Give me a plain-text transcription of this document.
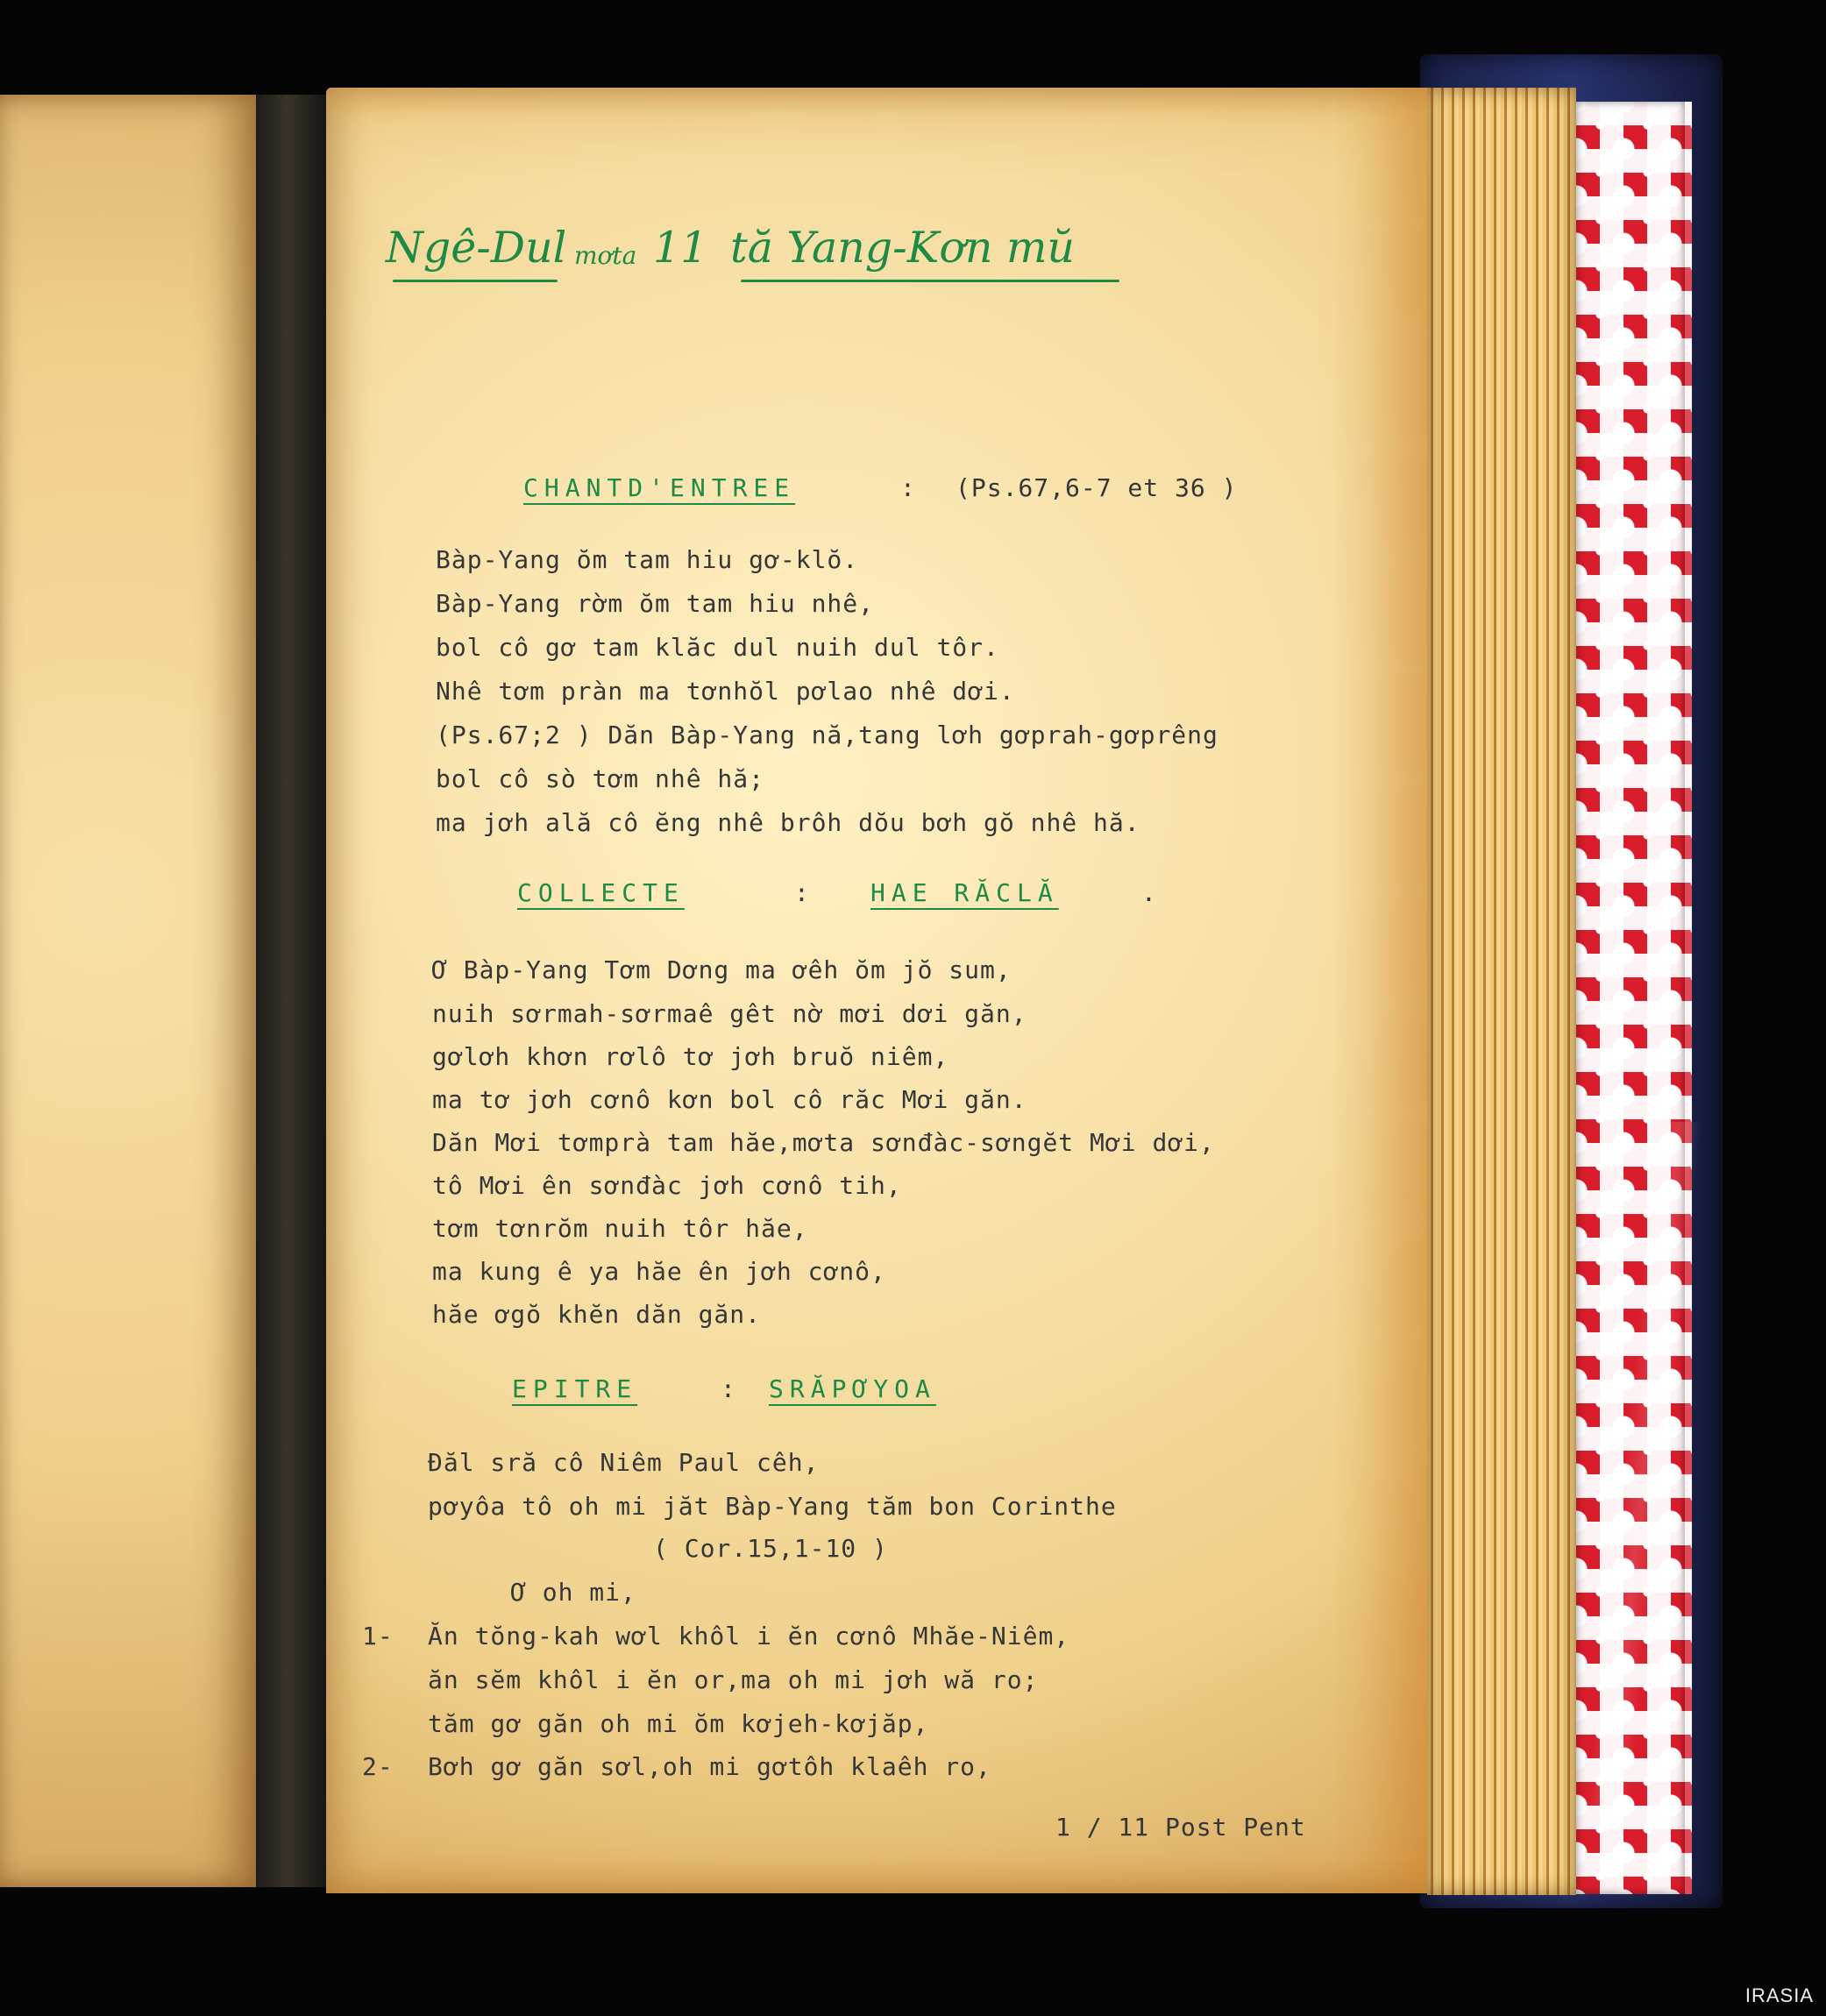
Ngê-Dul mơta 11 tă Yang-Kơn mŭ
CHANTD'ENTREE	: (Ps.67,6-7 et 36 )
Bàp-Yang ŏm tam hiu gơ-klŏ.
Bàp-Yang rờm ŏm tam hiu nhê,
bol cô gơ tam klăc dul nuih dul tôr.
Nhê tơm pràn ma tơnhŏl pơlao nhê dơi.
(Ps.67;2 ) Dăn Bàp-Yang nă,tang lơh gơprah-gơprêng
bol cô sò tơm nhê hă;
ma jơh ală cô ĕng nhê brôh dŏu bơh gŏ nhê hă.
COLLECTE	: HAE RĂCLĂ	.
Ơ Bàp-Yang Tơm Dơng ma ơêh ŏm jŏ sum,
nuih sơrmah-sơrmaê gêt nờ mơi dơi găn,
gơlơh khơn rơlô tơ jơh bruŏ niêm,
ma tơ jơh cơnô kơn bol cô răc Mơi găn.
Dăn Mơi tơmprà tam hăe,mơta sơnđàc-sơngĕt Mơi dơi,
tô Mơi ên sơnđàc jơh cơnô tih,
tơm tơnrŏm nuih tôr hăe,
ma kung ê ya hăe ên jơh cơnô,
hăe ơgŏ khĕn dăn găn.
EPITRE	: SRĂPƠYOA
Đăl sră cô Niêm Paul cêh,
pơyôa tô oh mi jăt Bàp-Yang tăm bon Corinthe
( Cor.15,1-10 )
Ơ oh mi,
1- Ăn tŏng-kah wơl khôl i ĕn cơnô Mhăe-Niêm,
ăn sĕm khôl i ĕn or,ma oh mi jơh wă ro;
tăm gơ găn oh mi ŏm kơjeh-kơjăp,
2- Bơh gơ găn sơl,oh mi gơtôh klaêh ro,
1 / 11 Post Pent
IRASIA
